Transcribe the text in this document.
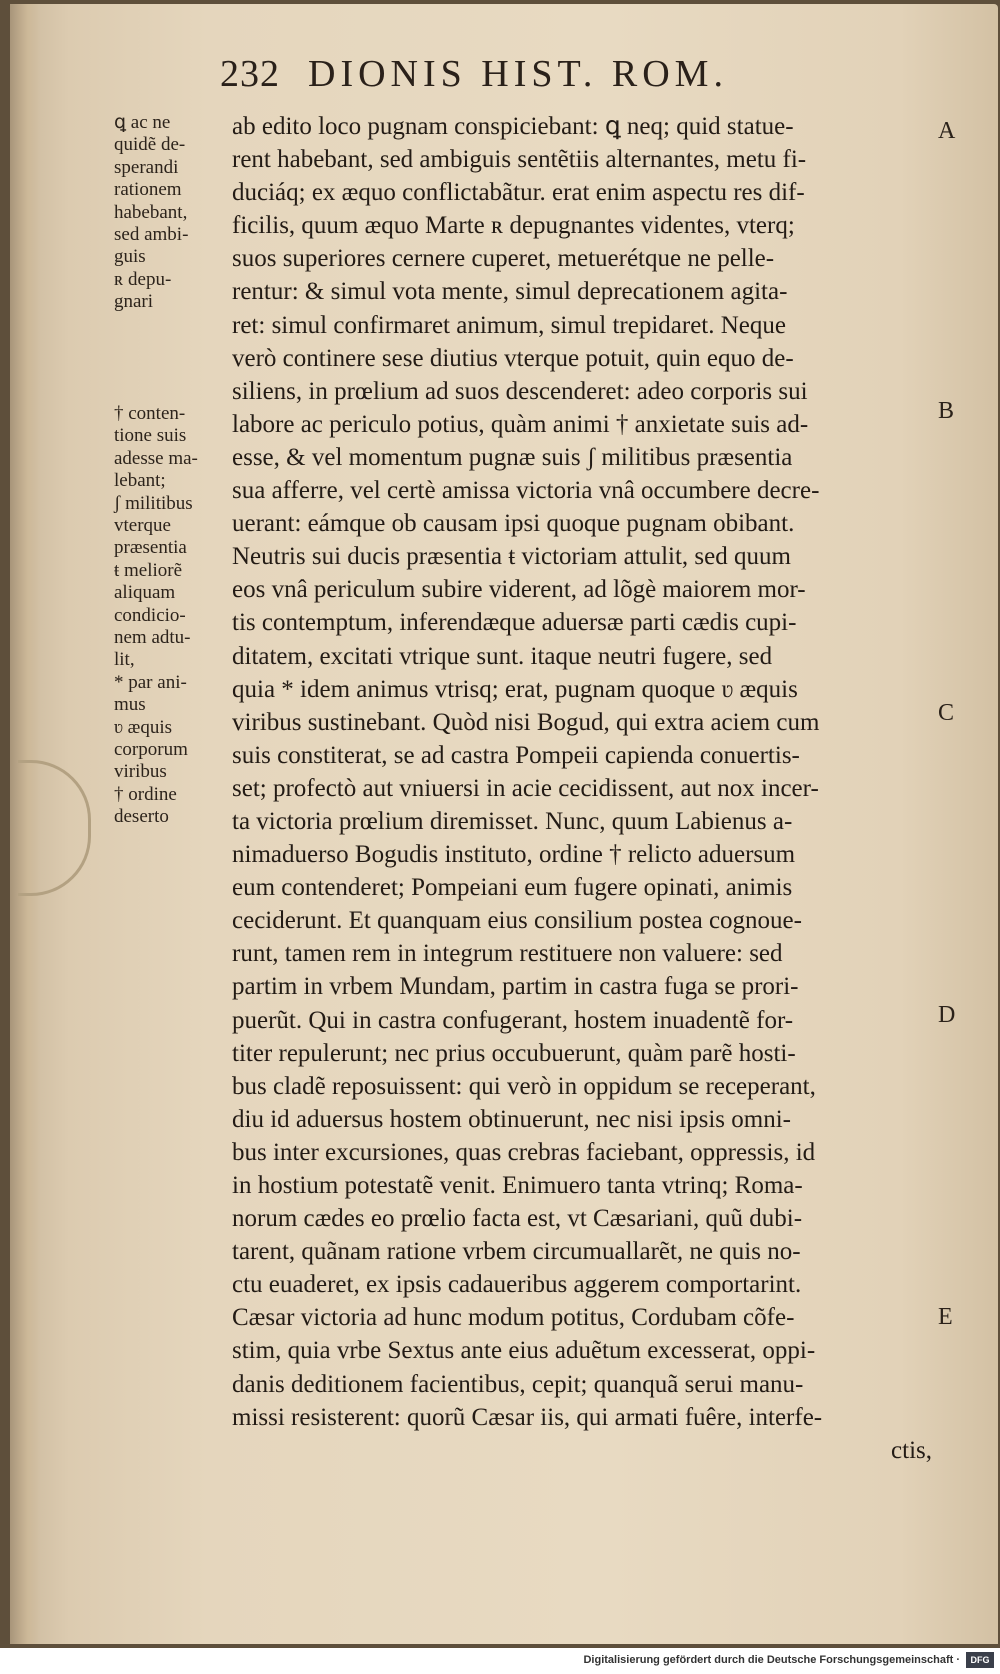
232 DIONIS HIST. ROM.
ꝗ ac ne
quidẽ de-
sperandi
rationem
habebant,
sed ambi-
guis
ʀ depu-
gnari
† conten-
tione suis
adesse ma-
lebant;
ʃ militibus
vterque
præsentia
ŧ meliorẽ
aliquam
condicio-
nem adtu-
lit,
* par ani-
mus
ʋ æquis
corporum
viribus
† ordine
deserto
ab edito loco pugnam conspiciebant: ꝗ neq; quid statue-
rent habebant, sed ambiguis sentẽtiis alternantes, metu fi-
duciáq; ex æquo conflictabãtur. erat enim aspectu res dif-
ficilis, quum æquo Marte ʀ depugnantes videntes, vterq;
suos superiores cernere cuperet, metuerétque ne pelle-
rentur: & simul vota mente, simul deprecationem agita-
ret: simul confirmaret animum, simul trepidaret. Neque
verò continere sese diutius vterque potuit, quin equo de-
siliens, in prœlium ad suos descenderet: adeo corporis sui
labore ac periculo potius, quàm animi † anxietate suis ad-
esse, & vel momentum pugnæ suis ʃ militibus præsentia
sua afferre, vel certè amissa victoria vnâ occumbere decre-
uerant: eámque ob causam ipsi quoque pugnam obibant.
Neutris sui ducis præsentia ŧ victoriam attulit, sed quum
eos vnâ periculum subire viderent, ad lõgè maiorem mor-
tis contemptum, inferendæque aduersæ parti cædis cupi-
ditatem, excitati vtrique sunt. itaque neutri fugere, sed
quia * idem animus vtrisq; erat, pugnam quoque ʋ æquis
viribus sustinebant. Quòd nisi Bogud, qui extra aciem cum
suis constiterat, se ad castra Pompeii capienda conuertis-
set; profectò aut vniuersi in acie cecidissent, aut nox incer-
ta victoria prœlium diremisset. Nunc, quum Labienus a-
nimaduerso Bogudis instituto, ordine † relicto aduersum
eum contenderet; Pompeiani eum fugere opinati, animis
ceciderunt. Et quanquam eius consilium postea cognoue-
runt, tamen rem in integrum restituere non valuere: sed
partim in vrbem Mundam, partim in castra fuga se prori-
puerũt. Qui in castra confugerant, hostem inuadentẽ for-
titer repulerunt; nec prius occubuerunt, quàm parẽ hosti-
bus cladẽ reposuissent: qui verò in oppidum se receperant,
diu id aduersus hostem obtinuerunt, nec nisi ipsis omni-
bus inter excursiones, quas crebras faciebant, oppressis, id
in hostium potestatẽ venit. Enimuero tanta vtrinq; Roma-
norum cædes eo prœlio facta est, vt Cæsariani, quũ dubi-
tarent, quãnam ratione vrbem circumuallarẽt, ne quis no-
ctu euaderet, ex ipsis cadaueribus aggerem comportarint.
Cæsar victoria ad hunc modum potitus, Cordubam cõfe-
stim, quia vrbe Sextus ante eius aduẽtum excesserat, oppi-
danis deditionem facientibus, cepit; quanquã serui manu-
missi resisterent: quorũ Cæsar iis, qui armati fuêre, interfe-
ctis,
A
B
C
D
E
Digitalisierung gefördert durch die Deutsche Forschungsgemeinschaft ·	DFG
